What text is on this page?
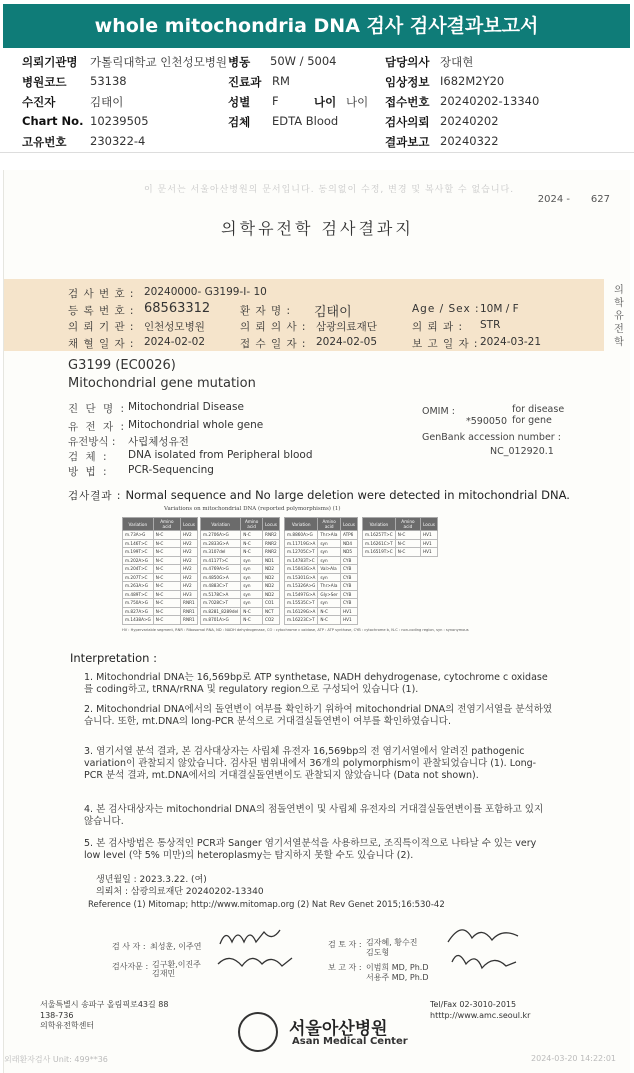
whole mitochondria DNA 검사 검사결과보고서
의뢰기관명 가톨릭대학교 인천성모병원 병동 50W / 5004	담당의사 장대현
병원코드 53138	진료과 RM	임상정보 I682M2Y20
수진자	김태이	성별 F	나이 나이 접수번호 20240202-13340
Chart No. 10239505	검체 EDTA Blood	검사의뢰 20240202
고유번호 230322-4	결과보고 20240322
이 문서는 서울아산병원의 문서입니다. 동의없이 수정, 변경 및 복사할 수 없습니다.
2024 - 627
의학유전학 검사결과지
검 사 번 호 : 20240000- G3199-I- 10
등 록 번 호 : 68563312	환 자 명 : 김태이	Age / Sex : 10M / F
의 뢰 기 관 : 인천성모병원	의 뢰 의 사 : 삼광의료재단	의 뢰 과 : STR
채 혈 일 자 : 2024-02-02	접 수 일 자 : 2024-02-05	보 고 일 자 : 2024-03-21
의학유전학
G3199 (EC0026)
Mitochondrial gene mutation
진 단 명 : Mitochondrial Disease
유 전 자 : Mitochondrial whole gene
유전방식 : 사립체성유전
검 체 : DNA isolated from Peripheral blood
방 법 : PCR-Sequencing
OMIM :	for disease
*590050 for gene
GenBank accession number :
NC_012920.1
검사결과 : Normal sequence and No large deletion were detected in mitochondrial DNA.
Variations on mitochondrial DNA (reported polymorphisms) (1)
Variation	Amino acid	Locus
m.73A>G	N-C	HV2
m.146T>C	N-C	HV2
m.199T>C	N-C	HV2
m.202A>G	N-C	HV2
m.204T>C	N-C	HV2
m.207T>C	N-C	HV2
m.263A>G	N-C	HV2
m.489T>C	N-C	HV3
m.750A>G	N-C	RNR1
m.827A>G	N-C	RNR1
m.1438A>G	N-C	RNR1
Variation	Amino acid	Locus
m.2706A>G	N-C	RNR2
m.2833G>A	N-C	RNR2
m.3107del	N-C	RNR2
m.4117T>C	syn	ND1
m.4769A>G	syn	ND2
m.4850G>A	syn	ND2
m.4883C>T	syn	ND2
m.5178C>A	syn	ND2
m.7028C>T	syn	CO1
m.8281_8289del	N-C	NCT
m.8701A>G	N-C	CO2
Variation	Amino acid	Locus
m.8860A>G	Thr>Ala	ATP6
m.11719G>A	syn	ND4
m.12705C>T	syn	ND5
m.14783T>C	syn	CYB
m.15043G>A	Val>Ala	CYB
m.15301G>A	syn	CYB
m.15326A>G	Thr>Ala	CYB
m.15497G>A	Gly>Ser	CYB
m.15535C>T	syn	CYB
m.16129G>A	N-C	HV1
m.16223C>T	N-C	HV1
Variation	Amino acid	Locus
m.16257T>C	N-C	HV1
m.16261C>T	N-C	HV1
m.16519T>C	N-C	HV1
HV : Hypervariable segment, RNR : Ribosomal RNA, ND : NADH dehydrogenase, CO : cytochrome c oxidase, ATP : ATP synthase, CYB : cytochrome b, N-C : non-coding region, syn : synonymous
Interpretation :
1. Mitochondrial DNA는 16,569bp로 ATP synthetase, NADH dehydrogenase, cytochrome c oxidase를 coding하고, tRNA/rRNA 및 regulatory region으로 구성되어 있습니다 (1).
2. Mitochondrial DNA에서의 돌연변이 여부를 확인하기 위하여 mitochondrial DNA의 전염기서열을 분석하였습니다. 또한, mt.DNA의 long-PCR 분석으로 거대결실돌연변이 여부를 확인하였습니다.
3. 염기서열 분석 결과, 본 검사대상자는 사립체 유전자 16,569bp의 전 염기서열에서 알려진 pathogenic variation이 관찰되지 않았습니다. 검사된 범위내에서 36개의 polymorphism이 관찰되었습니다 (1). Long-PCR 분석 결과, mt.DNA에서의 거대결실돌연변이도 관찰되지 않았습니다 (Data not shown).
4. 본 검사대상자는 mitochondrial DNA의 점돌연변이 및 사립체 유전자의 거대결실돌연변이를 포함하고 있지 않습니다.
5. 본 검사방법은 통상적인 PCR과 Sanger 염기서열분석을 사용하므로, 조직특이적으로 나타날 수 있는 very low level (약 5% 미만)의 heteroplasmy는 탐지하지 못할 수도 있습니다 (2).
생년월일 : 2023.3.22. (여)
의뢰처 : 삼광의료재단 20240202-13340
Reference (1) Mitomap; http://www.mitomap.org (2) Nat Rev Genet 2015;16:530-42
검 사 자 : 최성훈, 이주연
검사자문 : 김구환,이진주
김재민
검 토 자 : 김자혜, 황수진
김도형
보 고 자 : 이범희 MD, Ph.D
서용주 MD, Ph.D
서울특별시 송파구 올림픽로43길 88
138-736
의학유전학센터
Tel/Fax 02-3010-2015
htttp://www.amc.seoul.kr
서울아산병원
Asan Medical Center
외래환자검사 Unit: 499**36	2024-03-20 14:22:01
